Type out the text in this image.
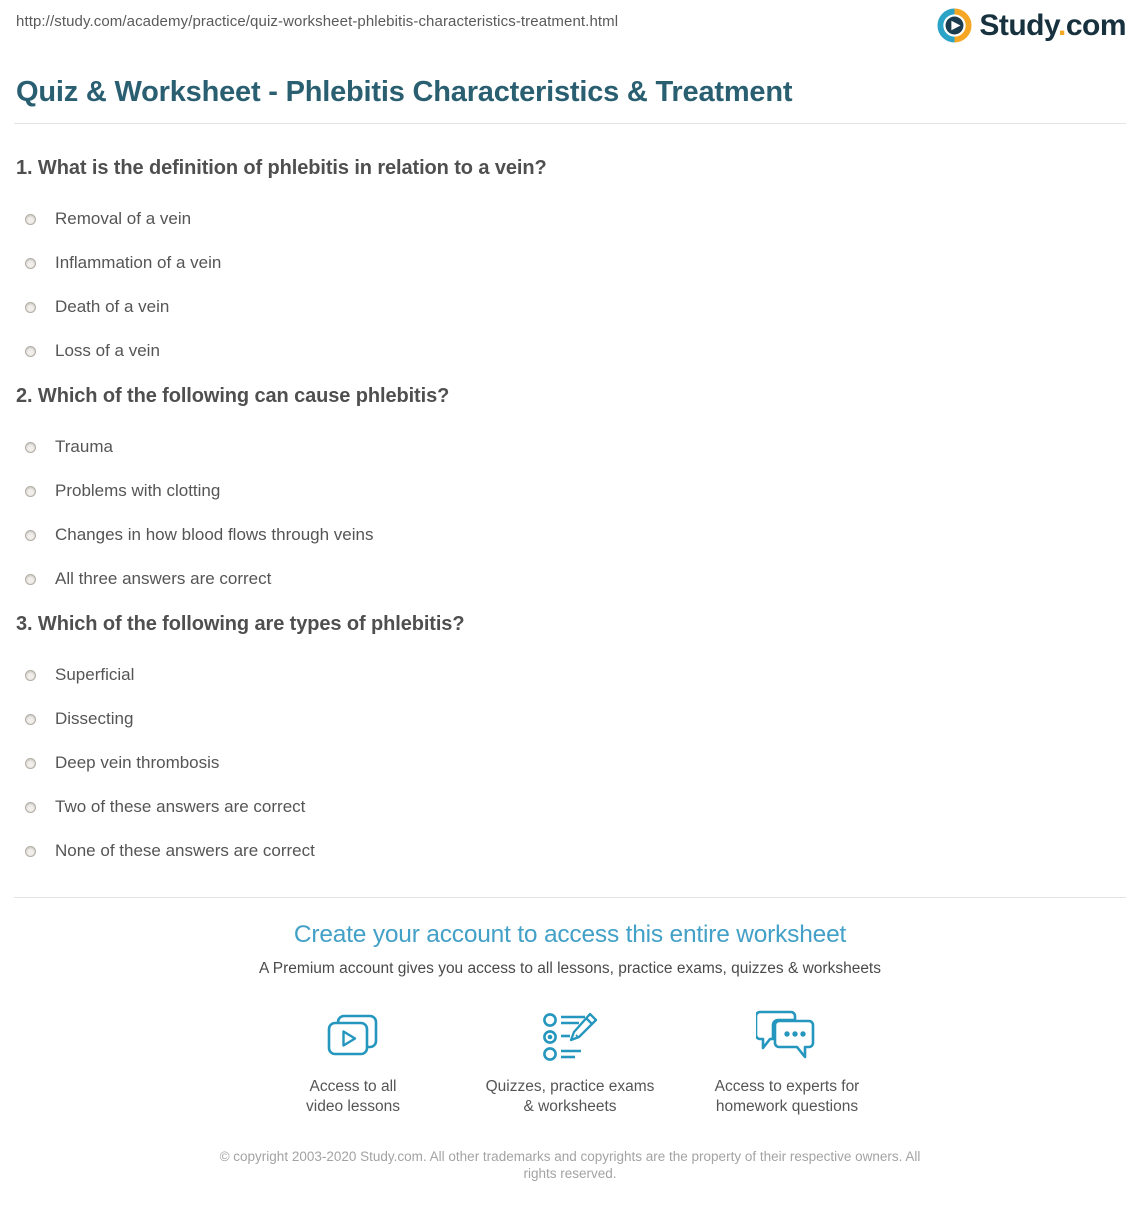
http://study.com/academy/practice/quiz-worksheet-phlebitis-characteristics-treatment.html	Study.com
Quiz & Worksheet - Phlebitis Characteristics & Treatment
1. What is the definition of phlebitis in relation to a vein?
Removal of a vein
Inflammation of a vein
Death of a vein
Loss of a vein
2. Which of the following can cause phlebitis?
Trauma
Problems with clotting
Changes in how blood flows through veins
All three answers are correct
3. Which of the following are types of phlebitis?
Superficial
Dissecting
Deep vein thrombosis
Two of these answers are correct
None of these answers are correct
Create your account to access this entire worksheet
A Premium account gives you access to all lessons, practice exams, quizzes & worksheets
Access to all
video lessons
Quizzes, practice exams
& worksheets
Access to experts for
homework questions
© copyright 2003-2020 Study.com. All other trademarks and copyrights are the property of their respective owners. All rights reserved.
